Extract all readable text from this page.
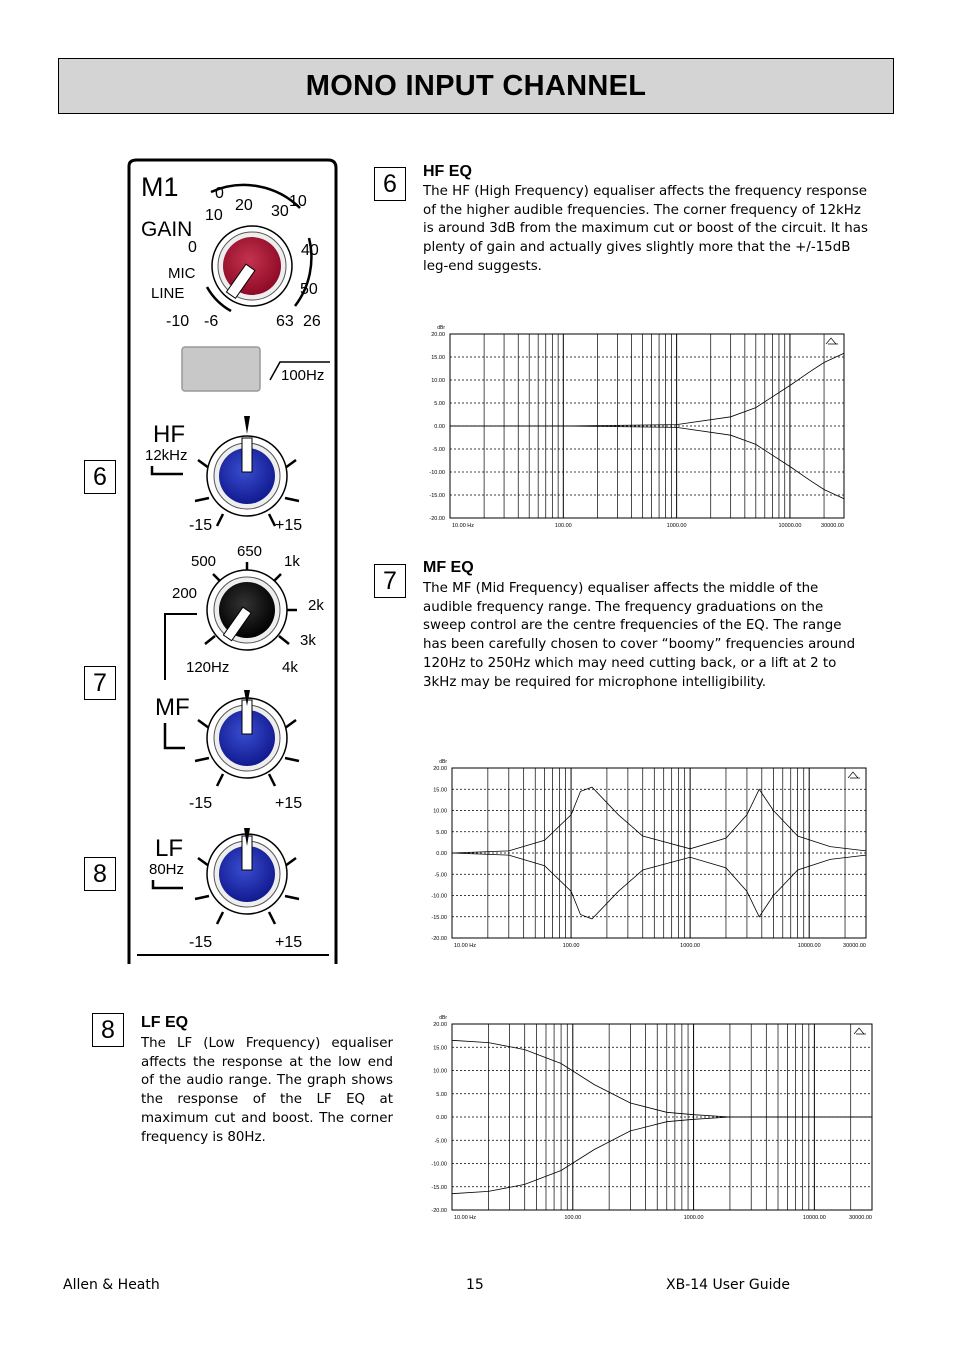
MONO INPUT CHANNEL
M1
GAIN
0
10
20 30
10
40
50
0
MIC
LINE
-10 -6	63 26
100Hz
HF
12kHz
-15	+15
650
500	1k
200
2k
3k
120Hz	4k
MF
-15	+15
LF
80Hz
-15	+15
6
7
8
6	HF EQ
The HF (High Frequency) equaliser affects the frequency response of the higher audible frequencies. The corner frequency of 12kHz is around 3dB from the maximum cut or boost of the circuit. It has plenty of gain and actually gives slightly more that the +/-15dB leg-end suggests.
7	MF EQ
The MF (Mid Frequency) equaliser affects the middle of the audible frequency range. The frequency graduations on the sweep control are the centre frequencies of the EQ. The range has been carefully chosen to cover “boomy” frequencies around 120Hz to 250Hz which may need cutting back, or a lift at 2 to 3kHz may be required for microphone intelligibility.
8	LF EQ
The LF (Low Frequency) equaliser affects the response at the low end of the audio range. The graph shows the response of the LF EQ at maximum cut and boost. The corner frequency is 80Hz.
20.00
15.00
10.00
5.00
0.00
-5.00
-10.00
-15.00
-20.00
dBr
10.00 Hz	100.00	1000.00	10000.00	30000.00
20.00
15.00
10.00
5.00
0.00
-5.00
-10.00
-15.00
-20.00
dBr
10.00 Hz	100.00	1000.00	10000.00	30000.00
20.00
15.00
10.00
5.00
0.00
-5.00
-10.00
-15.00
-20.00
dBr
10.00 Hz	100.00	1000.00	10000.00	30000.00
Allen & Heath	15	XB-14 User Guide
